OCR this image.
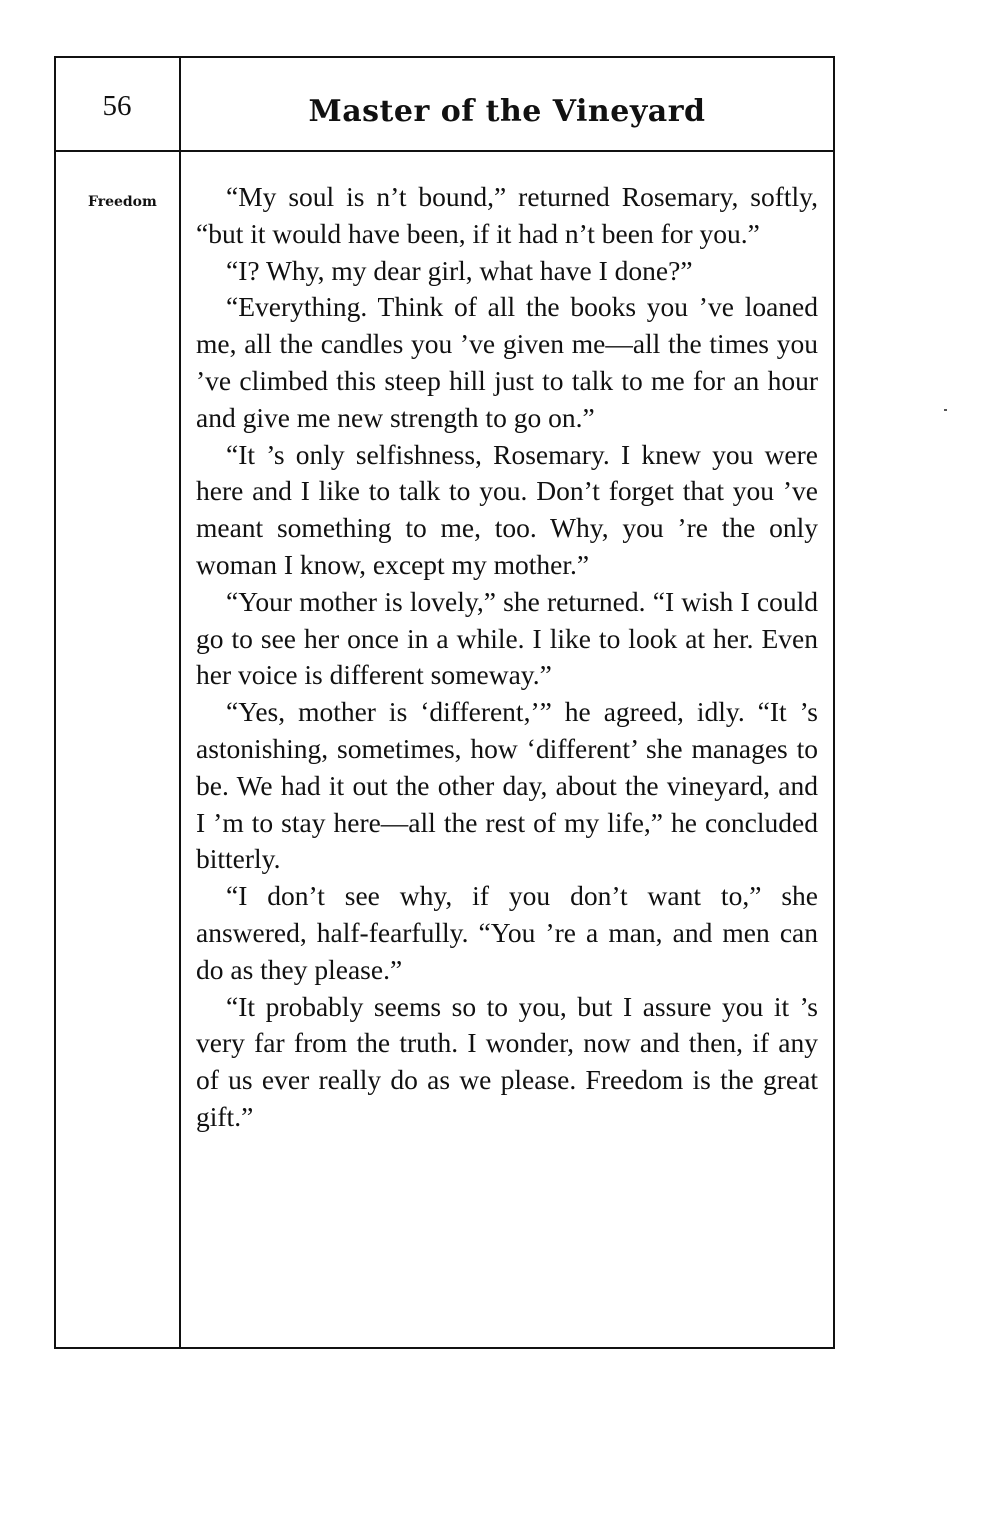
56	Master of the Vineyard
Freedom	“My soul is n’t bound,” returned Rosemary, softly, “but it would have been, if it had n’t been for you.”

“I? Why, my dear girl, what have I done?”

“Everything. Think of all the books you ’ve loaned me, all the candles you ’ve given me—all the times you ’ve climbed this steep hill just to talk to me for an hour and give me new strength to go on.”

“It ’s only selfishness, Rosemary. I knew you were here and I like to talk to you. Don’t forget that you ’ve meant something to me, too. Why, you ’re the only woman I know, except my mother.”

“Your mother is lovely,” she returned. “I wish I could go to see her once in a while. I like to look at her. Even her voice is different someway.”

“Yes, mother is ‘different,’” he agreed, idly. “It ’s astonishing, sometimes, how ‘different’ she manages to be. We had it out the other day, about the vineyard, and I ’m to stay here—all the rest of my life,” he concluded bitterly.

“I don’t see why, if you don’t want to,” she answered, half-fearfully. “You ’re a man, and men can do as they please.”

“It probably seems so to you, but I assure you it ’s very far from the truth. I wonder, now and then, if any of us ever really do as we please. Freedom is the great gift.”
